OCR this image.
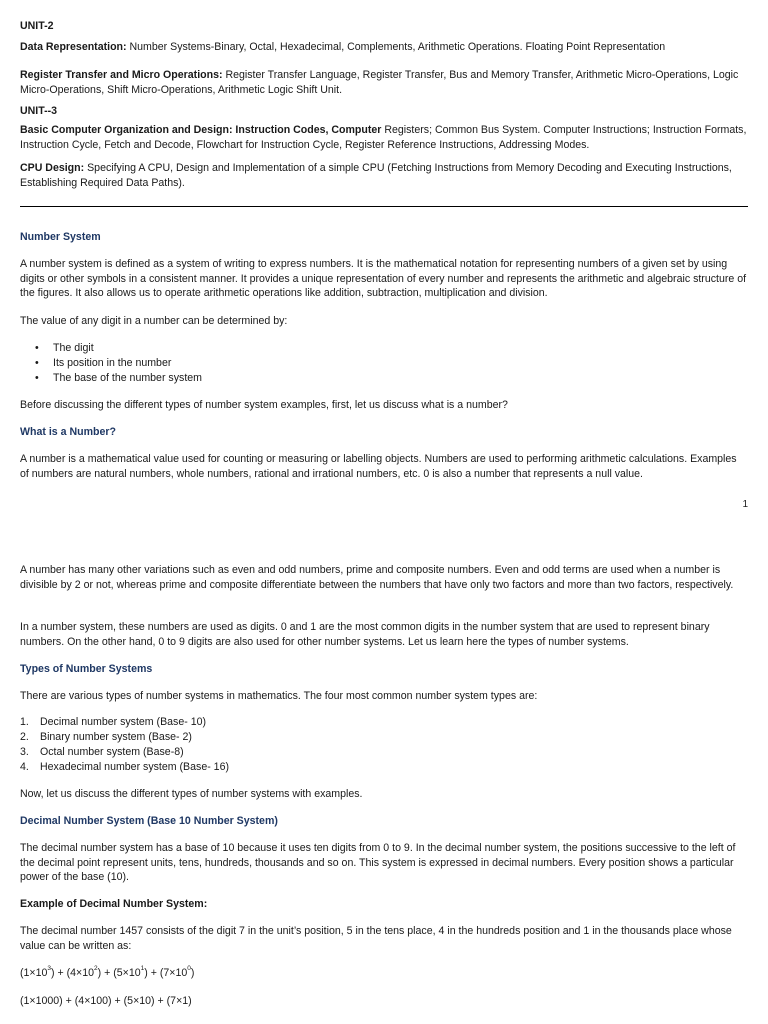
UNIT-2

Data Representation: Number Systems-Binary, Octal, Hexadecimal, Complements, Arithmetic Operations. Floating Point Representation

Register Transfer and Micro Operations: Register Transfer Language, Register Transfer, Bus and Memory Transfer, Arithmetic Micro-Operations, Logic Micro-Operations, Shift Micro-Operations, Arithmetic Logic Shift Unit.

UNIT--3

Basic Computer Organization and Design: Instruction Codes, Computer Registers; Common Bus System. Computer Instructions; Instruction Formats, Instruction Cycle, Fetch and Decode, Flowchart for Instruction Cycle, Register Reference Instructions, Addressing Modes.

CPU Design: Specifying A CPU, Design and Implementation of a simple CPU (Fetching Instructions from Memory Decoding and Executing Instructions, Establishing Required Data Paths).

Number System

A number system is defined as a system of writing to express numbers. It is the mathematical notation for representing numbers of a given set by using digits or other symbols in a consistent manner. It provides a unique representation of every number and represents the arithmetic and algebraic structure of the figures. It also allows us to operate arithmetic operations like addition, subtraction, multiplication and division.

The value of any digit in a number can be determined by:

• The digit
• Its position in the number
• The base of the number system

Before discussing the different types of number system examples, first, let us discuss what is a number?

What is a Number?

A number is a mathematical value used for counting or measuring or labelling objects. Numbers are used to performing arithmetic calculations. Examples of numbers are natural numbers, whole numbers, rational and irrational numbers, etc. 0 is also a number that represents a null value.

1

A number has many other variations such as even and odd numbers, prime and composite numbers. Even and odd terms are used when a number is divisible by 2 or not, whereas prime and composite differentiate between the numbers that have only two factors and more than two factors, respectively.

In a number system, these numbers are used as digits. 0 and 1 are the most common digits in the number system that are used to represent binary numbers. On the other hand, 0 to 9 digits are also used for other number systems. Let us learn here the types of number systems.

Types of Number Systems

There are various types of number systems in mathematics. The four most common number system types are:

1. Decimal number system (Base- 10)
2. Binary number system (Base- 2)
3. Octal number system (Base-8)
4. Hexadecimal number system (Base- 16)

Now, let us discuss the different types of number systems with examples.

Decimal Number System (Base 10 Number System)

The decimal number system has a base of 10 because it uses ten digits from 0 to 9. In the decimal number system, the positions successive to the left of the decimal point represent units, tens, hundreds, thousands and so on. This system is expressed in decimal numbers. Every position shows a particular power of the base (10).

Example of Decimal Number System:

The decimal number 1457 consists of the digit 7 in the unit’s position, 5 in the tens place, 4 in the hundreds position and 1 in the thousands place whose value can be written as:

$(1\times 10^3) + (4\times 10^2) + (5\times 10^1) + (7\times 10^0)$

(1×1000) + (4×100) + (5×10) + (7×1)
